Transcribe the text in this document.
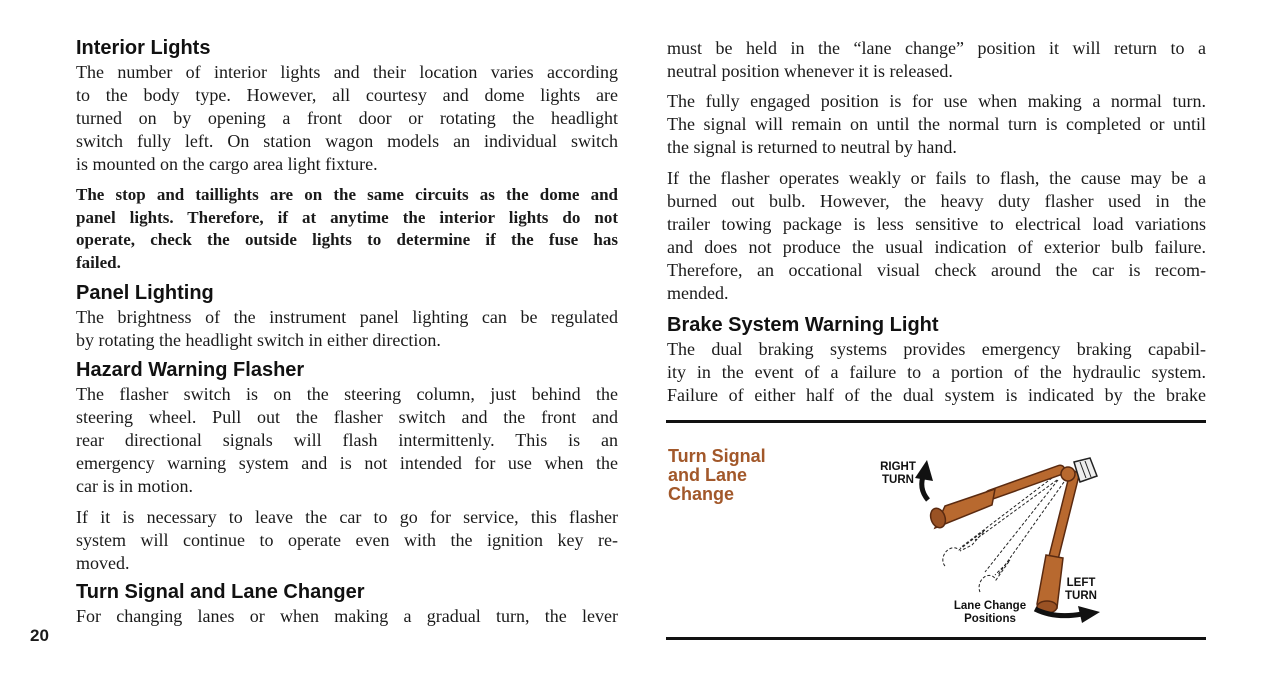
Interior Lights
The number of interior lights and their location varies according
to the body type. However, all courtesy and dome lights are
turned on by opening a front door or rotating the headlight
switch fully left. On station wagon models an individual switch
is mounted on the cargo area light fixture.
The stop and taillights are on the same circuits as the dome and
panel lights. Therefore, if at anytime the interior lights do not
operate, check the outside lights to determine if the fuse has
failed.
Panel Lighting
The brightness of the instrument panel lighting can be regulated
by rotating the headlight switch in either direction.
Hazard Warning Flasher
The flasher switch is on the steering column, just behind the
steering wheel. Pull out the flasher switch and the front and
rear directional signals will flash intermittenly. This is an
emergency warning system and is not intended for use when the
car is in motion.
If it is necessary to leave the car to go for service, this flasher
system will continue to operate even with the ignition key re-
moved.
Turn Signal and Lane Changer
For changing lanes or when making a gradual turn, the lever
must be held in the “lane change” position it will return to a
neutral position whenever it is released.
The fully engaged position is for use when making a normal turn.
The signal will remain on until the normal turn is completed or until
the signal is returned to neutral by hand.
If the flasher operates weakly or fails to flash, the cause may be a
burned out bulb. However, the heavy duty flasher used in the
trailer towing package is less sensitive to electrical load variations
and does not produce the usual indication of exterior bulb failure.
Therefore, an occational visual check around the car is recom-
mended.
Brake System Warning Light
The dual braking systems provides emergency braking capabil-
ity in the event of a failure to a portion of the hydraulic system.
Failure of either half of the dual system is indicated by the brake
20
Turn Signal
and Lane
Change
RIGHT
TURN
LEFT
TURN
Lane Change
Positions
